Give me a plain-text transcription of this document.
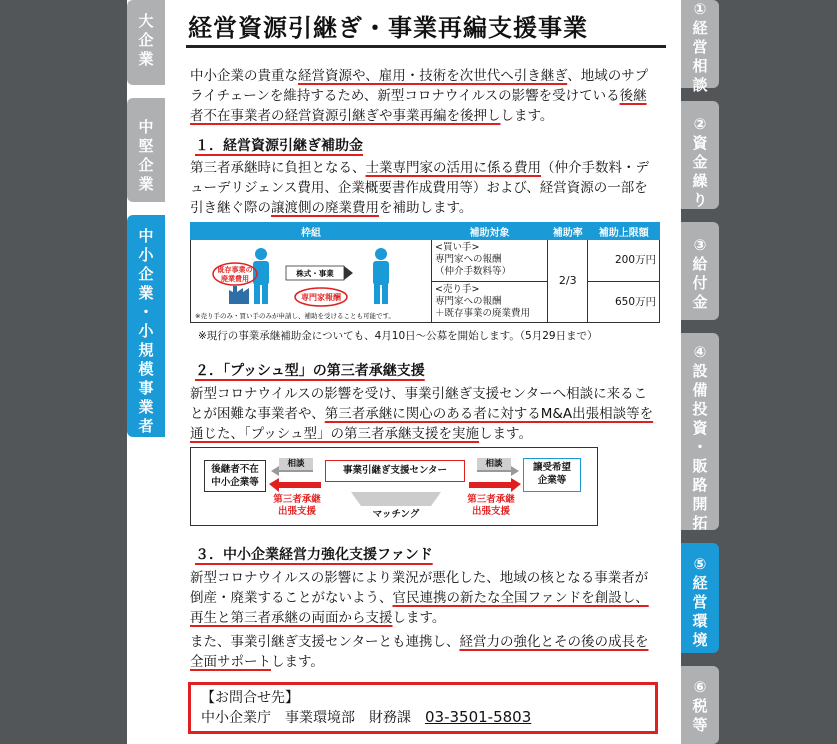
大
企
業
中
堅
企
業
中
小
企
業
・
小
規
模
事
業
者
①
経
営
相
談
②
資
金
繰
り
③
給
付
金
④
設
備
投
資
・
販
路
開
拓
⑤
経
営
環
境
⑥
税
等
経営資源引継ぎ・事業再編支援事業
中小企業の貴重な経営資源や、雇用・技術を次世代へ引き継ぎ、地域のサプライチェーンを維持するため、新型コロナウイルスの影響を受けている後継者不在事業者の経営資源引継ぎや事業再編を後押しします。
１．経営資源引継ぎ補助金
第三者承継時に負担となる、士業専門家の活用に係る費用（仲介手数料・デューデリジェンス費用、企業概要書作成費用等）および、経営資源の一部を引き継ぐ際の譲渡側の廃業費用を補助します。
枠組	補助対象	補助率	補助上限額

既存事業の
廃業費用
株式・事業
専門家報酬
※売り手のみ・買い手のみが申請し、補助を受けることも可能です。	<買い手>
専門家への報酬
（仲介手数料等）	2/3	200万円
	<売り手>
専門家への報酬
＋既存事業の廃業費用		650万円
※現行の事業承継補助金についても、4月10日～公募を開始します。（5月29日まで）
２．「プッシュ型」の第三者承継支援
新型コロナウイルスの影響を受け、事業引継ぎ支援センターへ相談に来ることが困難な事業者や、第三者承継に関心のある者に対するM&A出張相談等を通じた、「プッシュ型」の第三者承継支援を実施します。
後継者不在
中小企業等
事業引継ぎ支援センター	譲受希望
企業等
相談	相談
第三者承継
出張支援
第三者承継
出張支援
マッチング
３．中小企業経営力強化支援ファンド
新型コロナウイルスの影響により業況が悪化した、地域の核となる事業者が倒産・廃業することがないよう、官民連携の新たな全国ファンドを創設し、再生と第三者承継の両面から支援します。
また、事業引継ぎ支援センターとも連携し、経営力の強化とその後の成長を全面サポートします。
【お問合せ先】
中小企業庁　事業環境部　財務課　03-3501-5803
